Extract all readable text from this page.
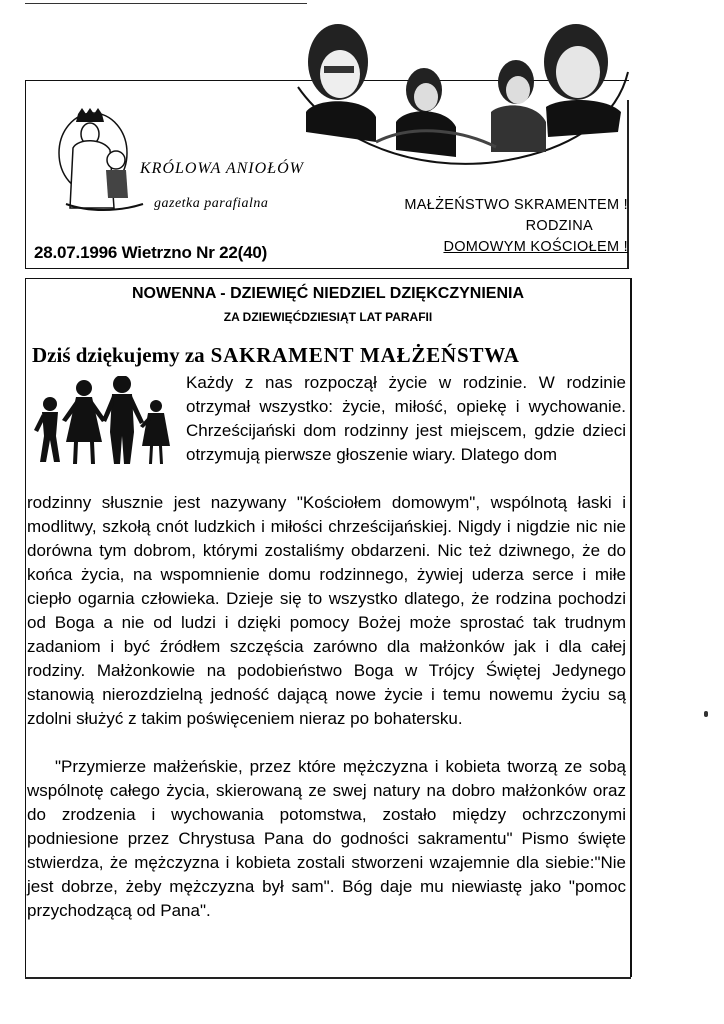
KRÓLOWA ANIOŁÓW
gazetka parafialna	MAŁŻEŃSTWO SKRAMENTEM !
RODZINA
DOMOWYM KOŚCIOŁEM !
28.07.1996 Wietrzno Nr 22(40)
NOWENNA - DZIEWIĘĆ NIEDZIEL DZIĘKCZYNIENIA
ZA DZIEWIĘĆDZIESIĄT LAT PARAFII
Dziś dziękujemy za SAKRAMENT MAŁŻEŃSTWA
Każdy z nas rozpoczął życie w rodzinie. W rodzinie otrzymał wszystko: życie, miłość, opiekę i wychowanie. Chrześcijański dom rodzinny jest miejscem, gdzie dzieci otrzymują pierwsze głoszenie wiary. Dlatego dom
rodzinny słusznie jest nazywany "Kościołem domowym", wspólnotą łaski i modlitwy, szkołą cnót ludzkich i miłości chrześcijańskiej. Nigdy i nigdzie nic nie dorówna tym dobrom, którymi zostaliśmy obdarzeni. Nic też dziwnego, że do końca życia, na wspomnienie domu rodzinnego, żywiej uderza serce i miłe ciepło ogarnia człowieka. Dzieje się to wszystko dlatego, że rodzina pochodzi od Boga a nie od ludzi i dzięki pomocy Bożej może sprostać tak trudnym zadaniom i być źródłem szczęścia zarówno dla małżonków jak i dla całej rodziny. Małżonkowie na podobieństwo Boga w Trójcy Świętej Jedynego stanowią nierozdzielną jedność dającą nowe życie i temu nowemu życiu są zdolni służyć z takim poświęceniem nieraz po bohatersku.
"Przymierze małżeńskie, przez które mężczyzna i kobieta tworzą ze sobą wspólnotę całego życia, skierowaną ze swej natury na dobro małżonków oraz do zrodzenia i wychowania potomstwa, zostało między ochrzczonymi podniesione przez Chrystusa Pana do godności sakramentu" Pismo święte stwierdza, że mężczyzna i kobieta zostali stworzeni wzajemnie dla siebie:"Nie jest dobrze, żeby mężczyzna był sam". Bóg daje mu niewiastę jako "pomoc przychodzącą od Pana".
